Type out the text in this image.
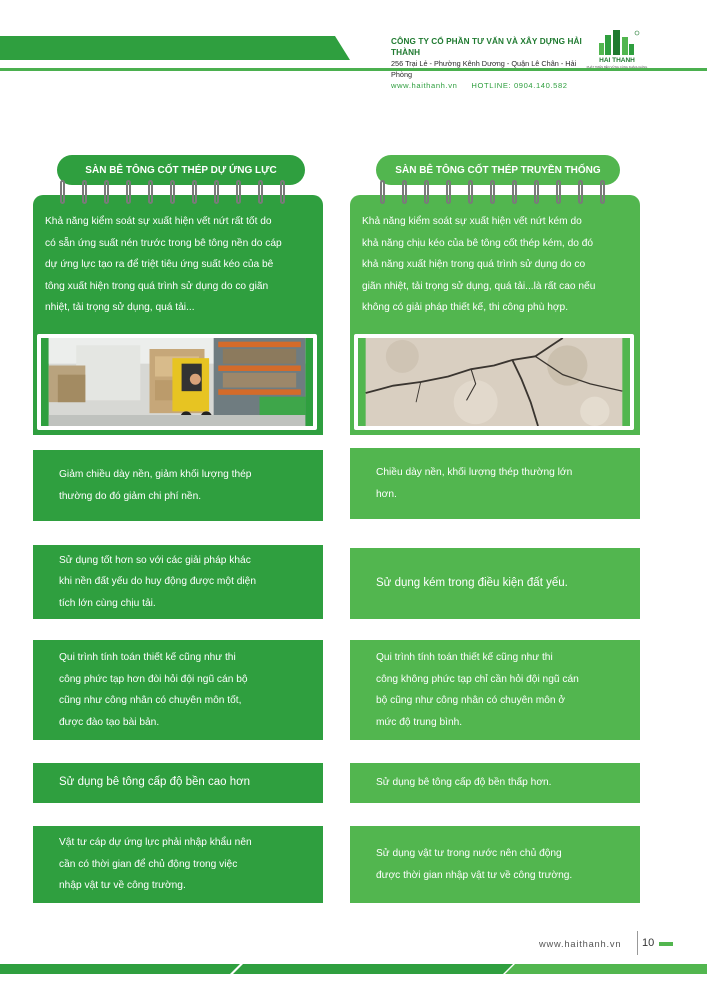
CÔNG TY CỔ PHẦN TƯ VẤN VÀ XÂY DỰNG HẢI THÀNH
256 Trại Lẻ - Phường Kênh Dương - Quận Lê Chân - Hải Phòng
www.haithanh.vn HOTLINE: 0904.140.582
HAI THANH
PHÁT TRIỂN BỀN VỮNG CÙNG KHÁCH HÀNG
SÀN BÊ TÔNG CỐT THÉP DỰ ỨNG LỰC
Khả năng kiểm soát sự xuất hiện vết nứt rất tốt do
có sẵn ứng suất nén trước trong bê tông nền do cáp
dự ứng lực tạo ra để triệt tiêu ứng suất kéo của bê
tông xuất hiện trong quá trình sử dụng do co giãn
nhiệt, tải trọng sử dụng, quá tải...
Giảm chiều dày nền, giảm khối lượng thép
thường do đó giảm chi phí nền.
Sử dụng tốt hơn so với các giải pháp khác
khi nền đất yếu do huy động được một diện
tích lớn cùng chịu tải.
Qui trình tính toán thiết kế cũng như thi
công phức tạp hơn đòi hỏi đội ngũ cán bộ
cũng như công nhân có chuyên môn tốt,
được đào tạo bài bản.
Sử dụng bê tông cấp độ bền cao hơn
Vật tư cáp dự ứng lực phải nhập khẩu nên
cần có thời gian để chủ động trong việc
nhập vật tư về công trường.
SÀN BÊ TÔNG CỐT THÉP TRUYỀN THỐNG
Khả năng kiểm soát sự xuất hiện vết nứt kém do
khả năng chịu kéo của bê tông cốt thép kém, do đó
khả năng xuất hiện trong quá trình sử dụng do co
giãn nhiệt, tải trọng sử dụng, quá tải...là rất cao nếu
không có giải pháp thiết kế, thi công phù hợp.
Chiều dày nền, khối lượng thép thường lớn
hơn.
Sử dụng kém trong điều kiện đất yếu.
Qui trình tính toán thiết kế cũng như thi
công không phức tạp chỉ cần hỏi đội ngũ cán
bộ cũng như công nhân có chuyên môn ở
mức độ trung bình.
Sử dụng bê tông cấp độ bền thấp hơn.
Sử dụng vật tư trong nước nên chủ động
được thời gian nhập vật tư về công trường.
www.haithanh.vn 10
